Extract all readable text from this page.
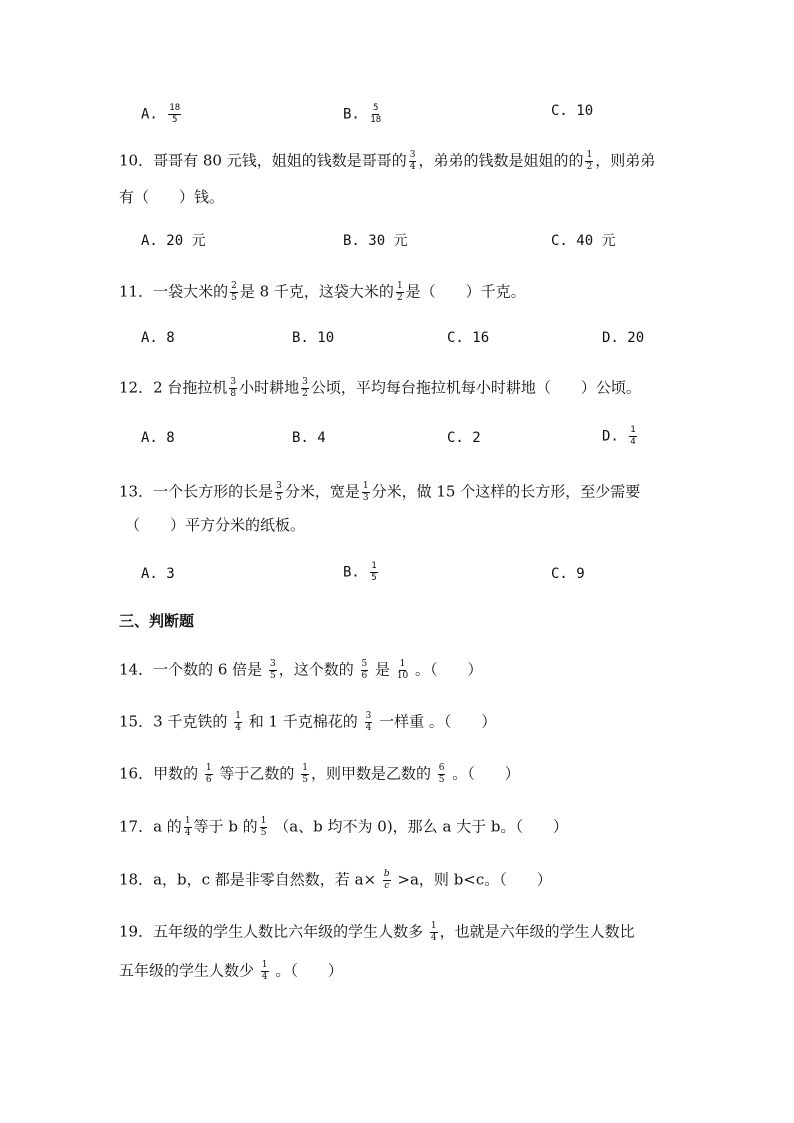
A. $\frac{18}{5}$	B. $\frac{5}{18}$	C. 10
10．哥哥有 80 元钱，姐姐的钱数是哥哥的 $\frac{3}{4}$ ，弟弟的钱数是姐姐的的 $\frac{1}{2}$ ，则弟弟
有（　　）钱。
A. 20 元	B. 30 元	C. 40 元
11．一袋大米的 $\frac{2}{5}$ 是 8 千克，这袋大米的 $\frac{1}{2}$ 是（　　）千克。
A. 8	B. 10	C. 16	D. 20
12．2 台拖拉机 $\frac{3}{8}$ 小时耕地 $\frac{3}{2}$ 公顷，平均每台拖拉机每小时耕地（　　）公顷。
A. 8	B. 4	C. 2	D. $\frac{1}{4}$
13．一个长方形的长是 $\frac{3}{5}$ 分米，宽是 $\frac{1}{3}$ 分米，做 15 个这样的长方形，至少需要
（　　）平方分米的纸板。
A. 3	B. $\frac{1}{5}$	C. 9
三、判断题
14．一个数的 6 倍是 $\frac{3}{5}$ ，这个数的 $\frac{5}{6}$ 是 $\frac{1}{10}$ 。（　　）
15．3 千克铁的 $\frac{1}{4}$ 和 1 千克棉花的 $\frac{3}{4}$ 一样重 。（　　）
16．甲数的 $\frac{1}{6}$ 等于乙数的 $\frac{1}{5}$ ，则甲数是乙数的 $\frac{6}{5}$ 。（　　）
17．a 的 $\frac{1}{4}$ 等于 b 的 $\frac{1}{5} (a$、b 均不为 0)，那么 a 大于 b。（　　）
18．a，b，c 都是非零自然数，若 $a\times \frac{b}{c} >a$，则 b<c。（　　）
19．五年级的学生人数比六年级的学生人数多 $\frac{1}{4}$ ，也就是六年级的学生人数比
五年级的学生人数少 $\frac{1}{4}$ 。（　　）
